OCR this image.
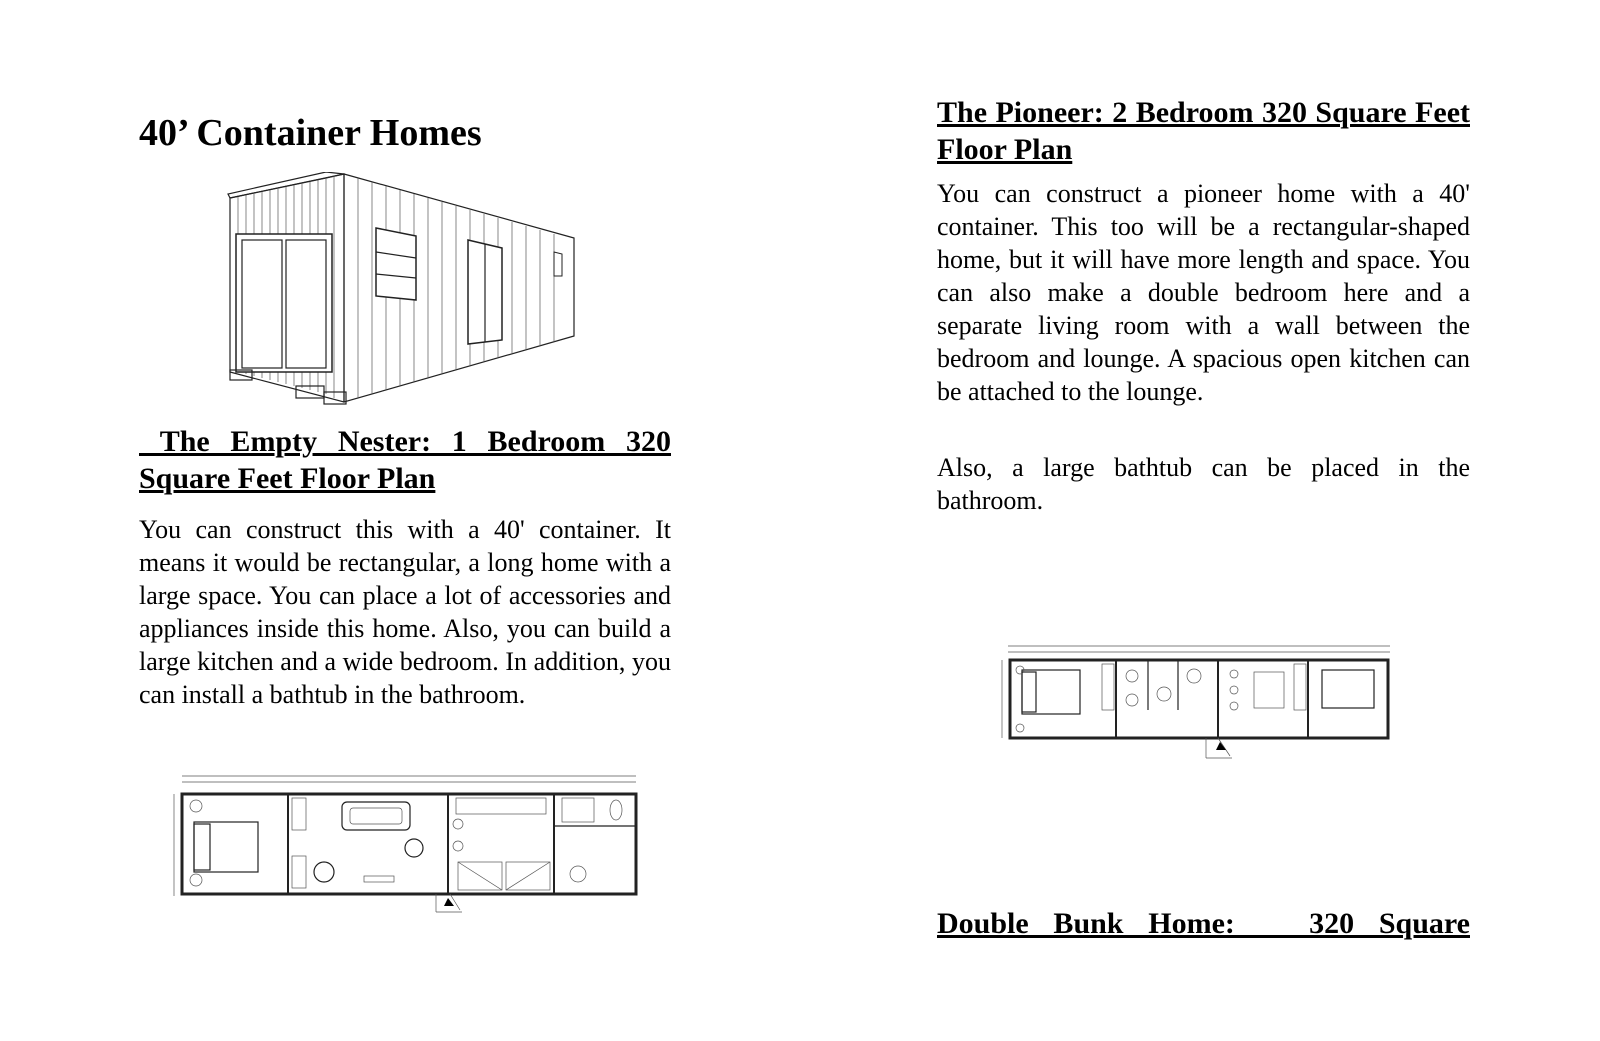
40’ Container Homes
The Empty Nester: 1 Bedroom 320 Square Feet Floor Plan

You can construct this with a 40' container. It means it would be rectangular, a long home with a large space. You can place a lot of accessories and appliances inside this home. Also, you can build a large kitchen and a wide bedroom. In addition, you can install a bathtub in the bathroom.

The Pioneer: 2 Bedroom 320 Square Feet Floor Plan

You can construct a pioneer home with a 40' container. This too will be a rectangular-shaped home, but it will have more length and space. You can also make a double bedroom here and a separate living room with a wall between the bedroom and lounge. A spacious open kitchen can be attached to the lounge.

Also, a large bathtub can be placed in the bathroom.

Double Bunk Home:   320 Square
